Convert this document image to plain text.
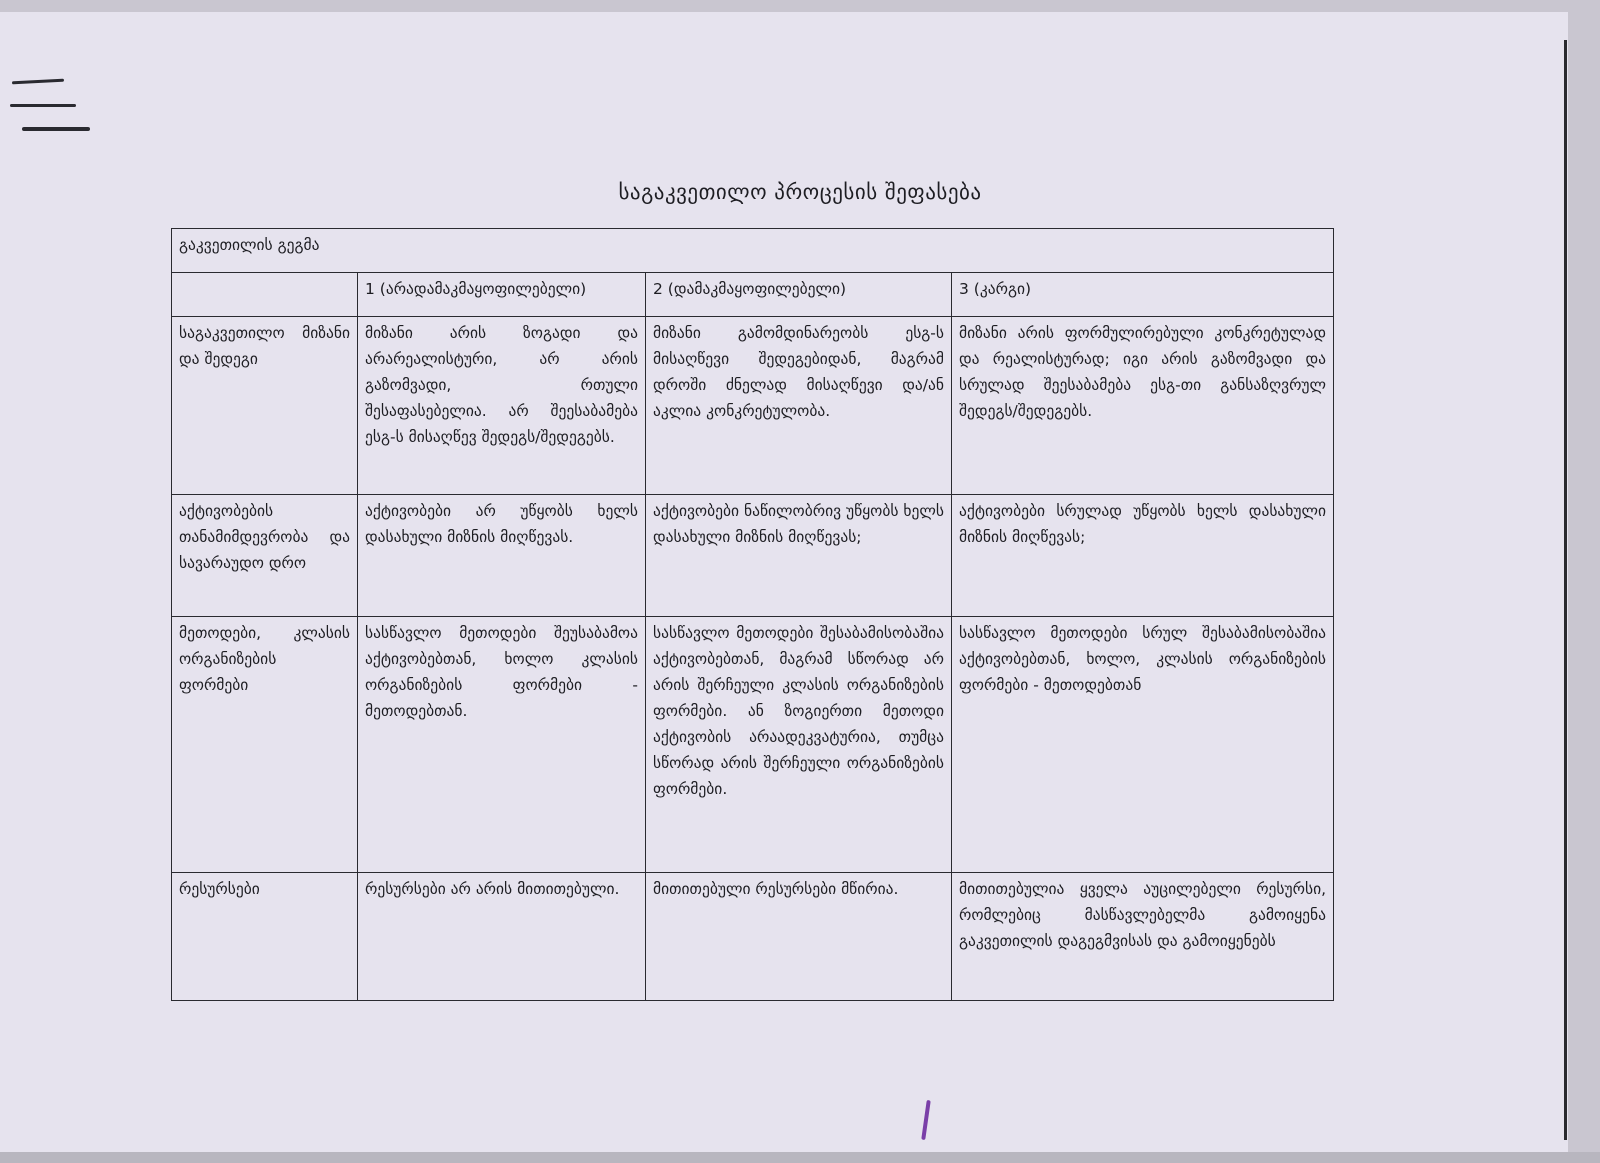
საგაკვეთილო პროცესის შეფასება
გაკვეთილის გეგმა			
	1 (არადამაკმაყოფილებელი)	2 (დამაკმაყოფილებელი)	3 (კარგი)
საგაკვეთილო მიზანი და შედეგი	მიზანი არის ზოგადი და არარეალისტური, არ არის გაზომვადი, რთული შესაფასებელია. არ შეესაბამება ესგ-ს მისაღწევ შედეგს/შედეგებს.	მიზანი გამომდინარეობს ესგ-ს მისაღწევი შედეგებიდან, მაგრამ დროში ძნელად მისაღწევი და/ან აკლია კონკრეტულობა.	მიზანი არის ფორმულირებული კონკრეტულად და რეალისტურად; იგი არის გაზომვადი და სრულად შეესაბამება ესგ-თი განსაზღვრულ შედეგს/შედეგებს.
აქტივობების თანამიმდევრობა და სავარაუდო დრო	აქტივობები არ უწყობს ხელს დასახული მიზნის მიღწევას.	აქტივობები ნაწილობრივ უწყობს ხელს დასახული მიზნის მიღწევას;	აქტივობები სრულად უწყობს ხელს დასახული მიზნის მიღწევას;
მეთოდები, კლასის ორგანიზების ფორმები	სასწავლო მეთოდები შეუსაბამოა აქტივობებთან, ხოლო კლასის ორგანიზების ფორმები - მეთოდებთან.	სასწავლო მეთოდები შესაბამისობაშია აქტივობებთან, მაგრამ სწორად არ არის შერჩეული კლასის ორგანიზების ფორმები. ან ზოგიერთი მეთოდი აქტივობის არაადეკვატურია, თუმცა სწორად არის შერჩეული ორგანიზების ფორმები.	სასწავლო მეთოდები სრულ შესაბამისობაშია აქტივობებთან, ხოლო, კლასის ორგანიზების ფორმები - მეთოდებთან
რესურსები	რესურსები არ არის მითითებული.	მითითებული რესურსები მწირია.	მითითებულია ყველა აუცილებელი რესურსი, რომლებიც მასწავლებელმა გამოიყენა გაკვეთილის დაგეგმვისას და გამოიყენებს
